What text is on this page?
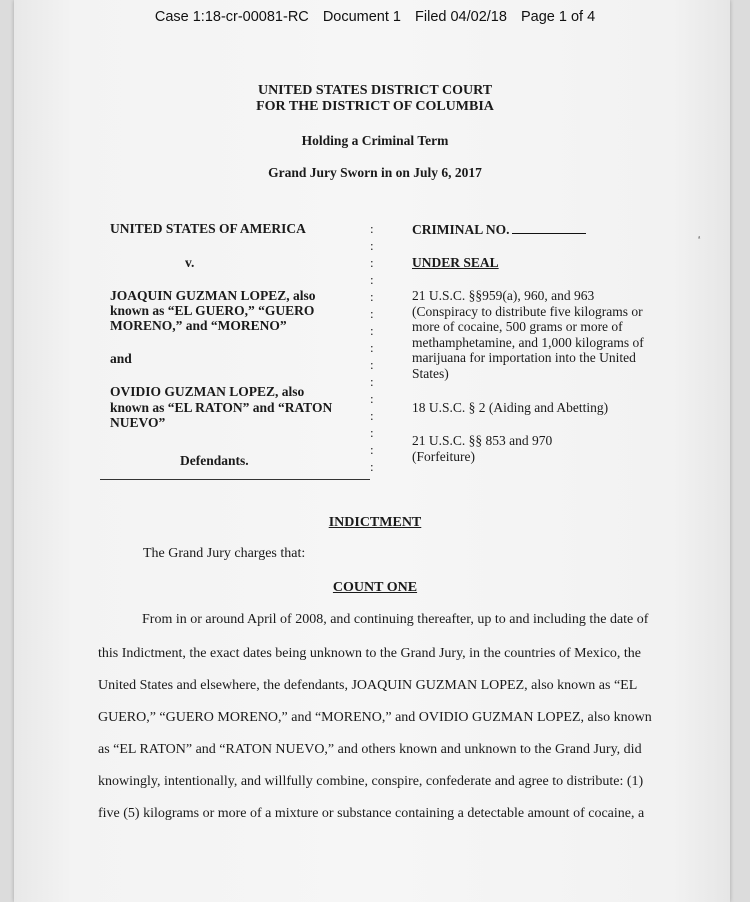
Case 1:18-cr-00081-RC Document 1 Filed 04/02/18 Page 1 of 4
UNITED STATES DISTRICT COURT
FOR THE DISTRICT OF COLUMBIA
Holding a Criminal Term
Grand Jury Sworn in on July 6, 2017
UNITED STATES OF AMERICA
v.
JOAQUIN GUZMAN LOPEZ, also
known as “EL GUERO,” “GUERO
MORENO,” and “MORENO”
and
OVIDIO GUZMAN LOPEZ, also
known as “EL RATON” and “RATON
NUEVO”
Defendants.
:
:
:
:
:
:
:
:
:
:
:
:
:
:
:
CRIMINAL NO.
UNDER SEAL
21 U.S.C. §§959(a), 960, and 963
(Conspiracy to distribute five kilograms or
more of cocaine, 500 grams or more of
methamphetamine, and 1,000 kilograms of
marijuana for importation into the United
States)
18 U.S.C. § 2 (Aiding and Abetting)
21 U.S.C. §§ 853 and 970
(Forfeiture)
ᵃ
INDICTMENT
The Grand Jury charges that:
COUNT ONE
From in or around April of 2008, and continuing thereafter, up to and including the date of
this Indictment, the exact dates being unknown to the Grand Jury, in the countries of Mexico, the
United States and elsewhere, the defendants, JOAQUIN GUZMAN LOPEZ, also known as “EL
GUERO,” “GUERO MORENO,” and “MORENO,” and OVIDIO GUZMAN LOPEZ, also known
as “EL RATON” and “RATON NUEVO,” and others known and unknown to the Grand Jury, did
knowingly, intentionally, and willfully combine, conspire, confederate and agree to distribute: (1)
five (5) kilograms or more of a mixture or substance containing a detectable amount of cocaine, a
